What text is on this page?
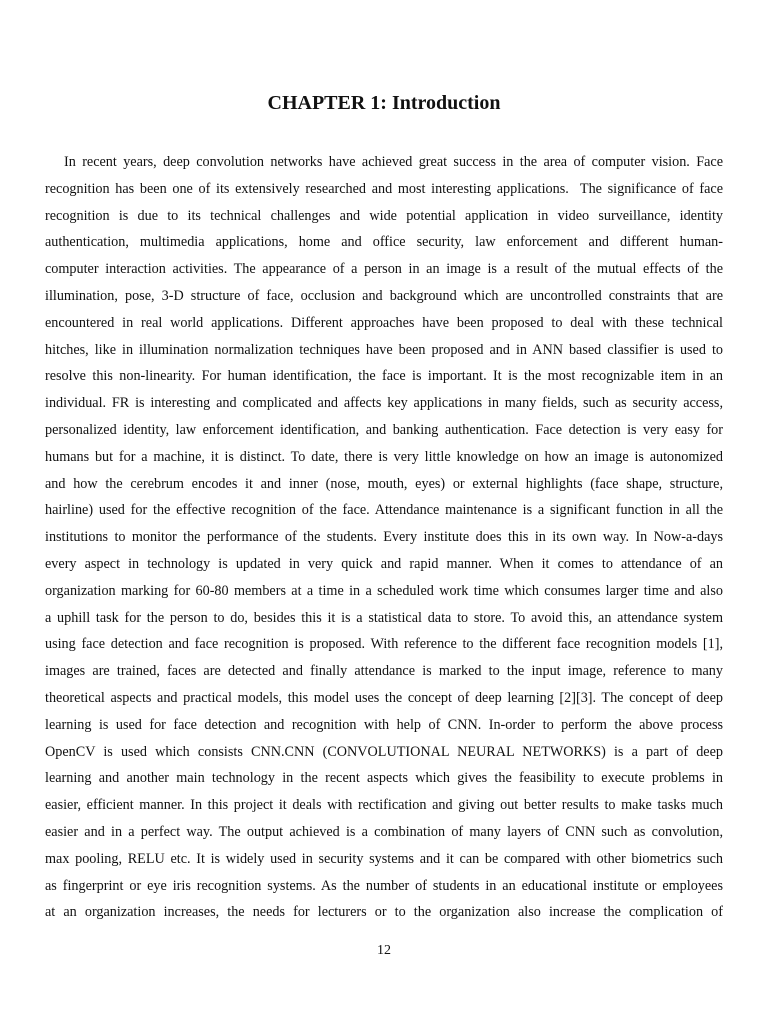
CHAPTER 1: Introduction
In recent years, deep convolution networks have achieved great success in the area of computer vision. Face
recognition has been one of its extensively researched and most interesting applications.  The significance of face
recognition is due to its technical challenges and wide potential application in video surveillance, identity
authentication, multimedia applications, home and office security, law enforcement and different human-
computer interaction activities. The appearance of a person in an image is a result of the mutual effects of the
illumination, pose, 3-D structure of face, occlusion and background which are uncontrolled constraints that are
encountered in real world applications. Different approaches have been proposed to deal with these technical
hitches, like in illumination normalization techniques have been proposed and in ANN based classifier is used to
resolve this non-linearity. For human identification, the face is important. It is the most recognizable item in an
individual. FR is interesting and complicated and affects key applications in many fields, such as security access,
personalized identity, law enforcement identification, and banking authentication. Face detection is very easy for
humans but for a machine, it is distinct. To date, there is very little knowledge on how an image is autonomized
and how the cerebrum encodes it and inner (nose, mouth, eyes) or external highlights (face shape, structure,
hairline) used for the effective recognition of the face. Attendance maintenance is a significant function in all the
institutions to monitor the performance of the students. Every institute does this in its own way. In Now-a-days
every aspect in technology is updated in very quick and rapid manner. When it comes to attendance of an
organization marking for 60-80 members at a time in a scheduled work time which consumes larger time and also
a uphill task for the person to do, besides this it is a statistical data to store. To avoid this, an attendance system
using face detection and face recognition is proposed. With reference to the different face recognition models [1],
images are trained, faces are detected and finally attendance is marked to the input image, reference to many
theoretical aspects and practical models, this model uses the concept of deep learning [2][3]. The concept of deep
learning is used for face detection and recognition with help of CNN. In-order to perform the above process
OpenCV is used which consists CNN.CNN (CONVOLUTIONAL NEURAL NETWORKS) is a part of deep
learning and another main technology in the recent aspects which gives the feasibility to execute problems in
easier, efficient manner. In this project it deals with rectification and giving out better results to make tasks much
easier and in a perfect way. The output achieved is a combination of many layers of CNN such as convolution,
max pooling, RELU etc. It is widely used in security systems and it can be compared with other biometrics such
as fingerprint or eye iris recognition systems. As the number of students in an educational institute or employees
at an organization increases, the needs for lecturers or to the organization also increase the complication of
12
